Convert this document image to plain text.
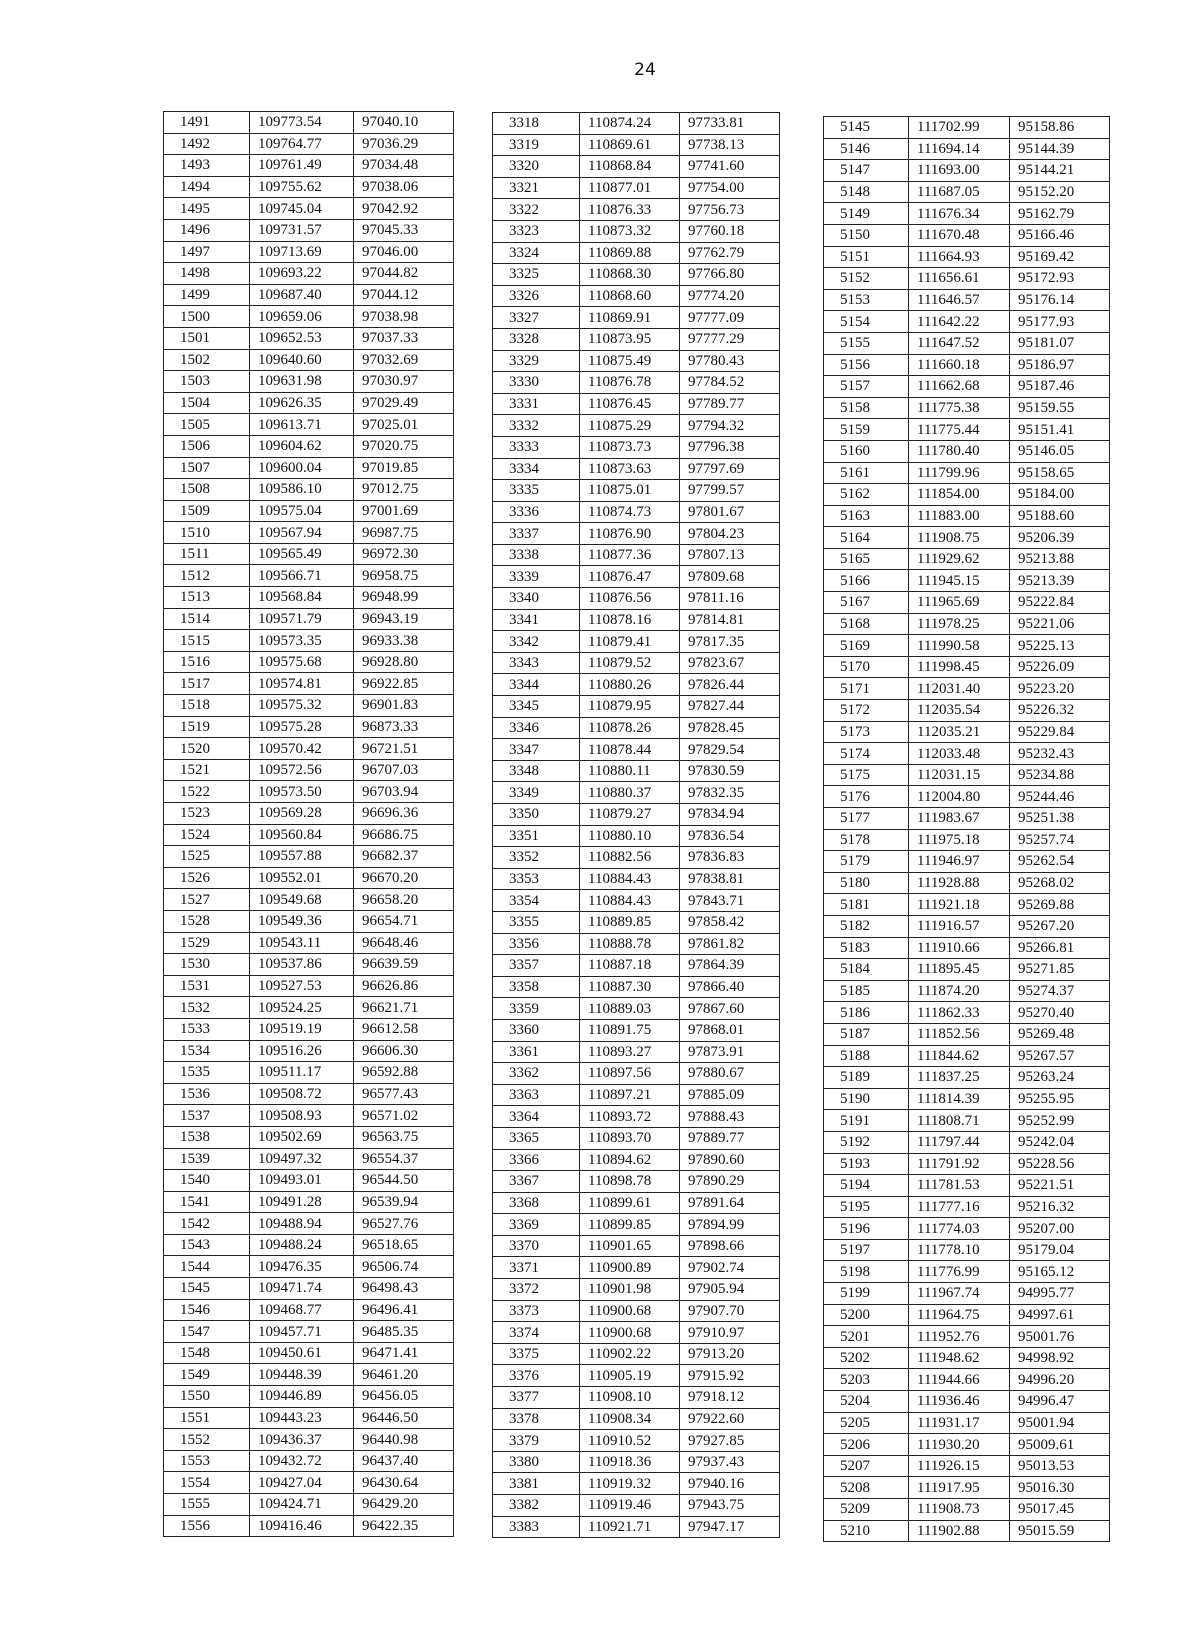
24
1491	109773.54	97040.10
1492	109764.77	97036.29
1493	109761.49	97034.48
1494	109755.62	97038.06
1495	109745.04	97042.92
1496	109731.57	97045.33
1497	109713.69	97046.00
1498	109693.22	97044.82
1499	109687.40	97044.12
1500	109659.06	97038.98
1501	109652.53	97037.33
1502	109640.60	97032.69
1503	109631.98	97030.97
1504	109626.35	97029.49
1505	109613.71	97025.01
1506	109604.62	97020.75
1507	109600.04	97019.85
1508	109586.10	97012.75
1509	109575.04	97001.69
1510	109567.94	96987.75
1511	109565.49	96972.30
1512	109566.71	96958.75
1513	109568.84	96948.99
1514	109571.79	96943.19
1515	109573.35	96933.38
1516	109575.68	96928.80
1517	109574.81	96922.85
1518	109575.32	96901.83
1519	109575.28	96873.33
1520	109570.42	96721.51
1521	109572.56	96707.03
1522	109573.50	96703.94
1523	109569.28	96696.36
1524	109560.84	96686.75
1525	109557.88	96682.37
1526	109552.01	96670.20
1527	109549.68	96658.20
1528	109549.36	96654.71
1529	109543.11	96648.46
1530	109537.86	96639.59
1531	109527.53	96626.86
1532	109524.25	96621.71
1533	109519.19	96612.58
1534	109516.26	96606.30
1535	109511.17	96592.88
1536	109508.72	96577.43
1537	109508.93	96571.02
1538	109502.69	96563.75
1539	109497.32	96554.37
1540	109493.01	96544.50
1541	109491.28	96539.94
1542	109488.94	96527.76
1543	109488.24	96518.65
1544	109476.35	96506.74
1545	109471.74	96498.43
1546	109468.77	96496.41
1547	109457.71	96485.35
1548	109450.61	96471.41
1549	109448.39	96461.20
1550	109446.89	96456.05
1551	109443.23	96446.50
1552	109436.37	96440.98
1553	109432.72	96437.40
1554	109427.04	96430.64
1555	109424.71	96429.20
1556	109416.46	96422.35
3318	110874.24	97733.81
3319	110869.61	97738.13
3320	110868.84	97741.60
3321	110877.01	97754.00
3322	110876.33	97756.73
3323	110873.32	97760.18
3324	110869.88	97762.79
3325	110868.30	97766.80
3326	110868.60	97774.20
3327	110869.91	97777.09
3328	110873.95	97777.29
3329	110875.49	97780.43
3330	110876.78	97784.52
3331	110876.45	97789.77
3332	110875.29	97794.32
3333	110873.73	97796.38
3334	110873.63	97797.69
3335	110875.01	97799.57
3336	110874.73	97801.67
3337	110876.90	97804.23
3338	110877.36	97807.13
3339	110876.47	97809.68
3340	110876.56	97811.16
3341	110878.16	97814.81
3342	110879.41	97817.35
3343	110879.52	97823.67
3344	110880.26	97826.44
3345	110879.95	97827.44
3346	110878.26	97828.45
3347	110878.44	97829.54
3348	110880.11	97830.59
3349	110880.37	97832.35
3350	110879.27	97834.94
3351	110880.10	97836.54
3352	110882.56	97836.83
3353	110884.43	97838.81
3354	110884.43	97843.71
3355	110889.85	97858.42
3356	110888.78	97861.82
3357	110887.18	97864.39
3358	110887.30	97866.40
3359	110889.03	97867.60
3360	110891.75	97868.01
3361	110893.27	97873.91
3362	110897.56	97880.67
3363	110897.21	97885.09
3364	110893.72	97888.43
3365	110893.70	97889.77
3366	110894.62	97890.60
3367	110898.78	97890.29
3368	110899.61	97891.64
3369	110899.85	97894.99
3370	110901.65	97898.66
3371	110900.89	97902.74
3372	110901.98	97905.94
3373	110900.68	97907.70
3374	110900.68	97910.97
3375	110902.22	97913.20
3376	110905.19	97915.92
3377	110908.10	97918.12
3378	110908.34	97922.60
3379	110910.52	97927.85
3380	110918.36	97937.43
3381	110919.32	97940.16
3382	110919.46	97943.75
3383	110921.71	97947.17
5145	111702.99	95158.86
5146	111694.14	95144.39
5147	111693.00	95144.21
5148	111687.05	95152.20
5149	111676.34	95162.79
5150	111670.48	95166.46
5151	111664.93	95169.42
5152	111656.61	95172.93
5153	111646.57	95176.14
5154	111642.22	95177.93
5155	111647.52	95181.07
5156	111660.18	95186.97
5157	111662.68	95187.46
5158	111775.38	95159.55
5159	111775.44	95151.41
5160	111780.40	95146.05
5161	111799.96	95158.65
5162	111854.00	95184.00
5163	111883.00	95188.60
5164	111908.75	95206.39
5165	111929.62	95213.88
5166	111945.15	95213.39
5167	111965.69	95222.84
5168	111978.25	95221.06
5169	111990.58	95225.13
5170	111998.45	95226.09
5171	112031.40	95223.20
5172	112035.54	95226.32
5173	112035.21	95229.84
5174	112033.48	95232.43
5175	112031.15	95234.88
5176	112004.80	95244.46
5177	111983.67	95251.38
5178	111975.18	95257.74
5179	111946.97	95262.54
5180	111928.88	95268.02
5181	111921.18	95269.88
5182	111916.57	95267.20
5183	111910.66	95266.81
5184	111895.45	95271.85
5185	111874.20	95274.37
5186	111862.33	95270.40
5187	111852.56	95269.48
5188	111844.62	95267.57
5189	111837.25	95263.24
5190	111814.39	95255.95
5191	111808.71	95252.99
5192	111797.44	95242.04
5193	111791.92	95228.56
5194	111781.53	95221.51
5195	111777.16	95216.32
5196	111774.03	95207.00
5197	111778.10	95179.04
5198	111776.99	95165.12
5199	111967.74	94995.77
5200	111964.75	94997.61
5201	111952.76	95001.76
5202	111948.62	94998.92
5203	111944.66	94996.20
5204	111936.46	94996.47
5205	111931.17	95001.94
5206	111930.20	95009.61
5207	111926.15	95013.53
5208	111917.95	95016.30
5209	111908.73	95017.45
5210	111902.88	95015.59
